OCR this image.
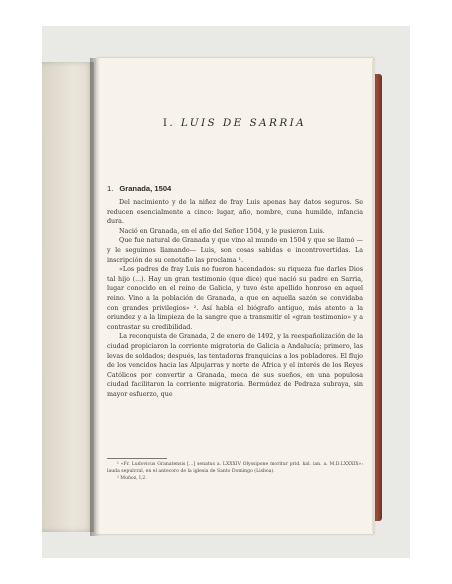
I. LUIS DE SARRIA
1. Granada, 1504

Del nacimiento y de la niñez de fray Luis apenas hay datos seguros. Se reducen esencialmente a cinco: lugar, año, nombre, cuna humilde, infancia dura.

Nació en Granada, en el año del Señor 1504, y le pusieron Luis.

Que fue natural de Granada y que vino al mundo en 1504 y que se llamó —y le seguimos llamando— Luis, son cosas sabidas e incontrovertidas. La inscripción de su cenotafio las proclama ¹.

«Los padres de fray Luis no fueron hacendados: su riqueza fue darles Dios tal hijo (...). Hay un gran testimonio (que dice) que nació su padre en Sarria, lugar conocido en el reino de Galicia, y tuvo éste apellido honroso en aquel reino. Vino a la población de Granada, a que en aquella sazón se convidaba con grandes privilegios» ². Así habla el biógrafo antiguo, más atento a la oriundez y a la limpieza de la sangre que a transmitir el «gran testimonio» y a contrastar su credibilidad.

La reconquista de Granada, 2 de enero de 1492, y la reespañolización de la ciudad propiciaron la corriente migratoria de Galicia a Andalucía; primero, las levas de soldados; después, las tentadoras franquicias a los pobladores. El flujo de los vencidos hacia las Alpujarras y norte de Africa y el interés de los Reyes Católicos por convertir a Granada, meca de sus sueños, en una populosa ciudad facilitaron la corriente migratoria. Bermúdez de Pedraza subraya, sin mayor esfuerzo, que

¹ «Fr. Ludovicus Granatensis [...] senatus a. LXXXIV Olyssipone moritur prid. kal. ian. a. M.D.LXXXIX»: lauda sepulcral, en el antecoro de la iglesia de Santo Domingo (Lisboa).

² Muñoz, I,2.
